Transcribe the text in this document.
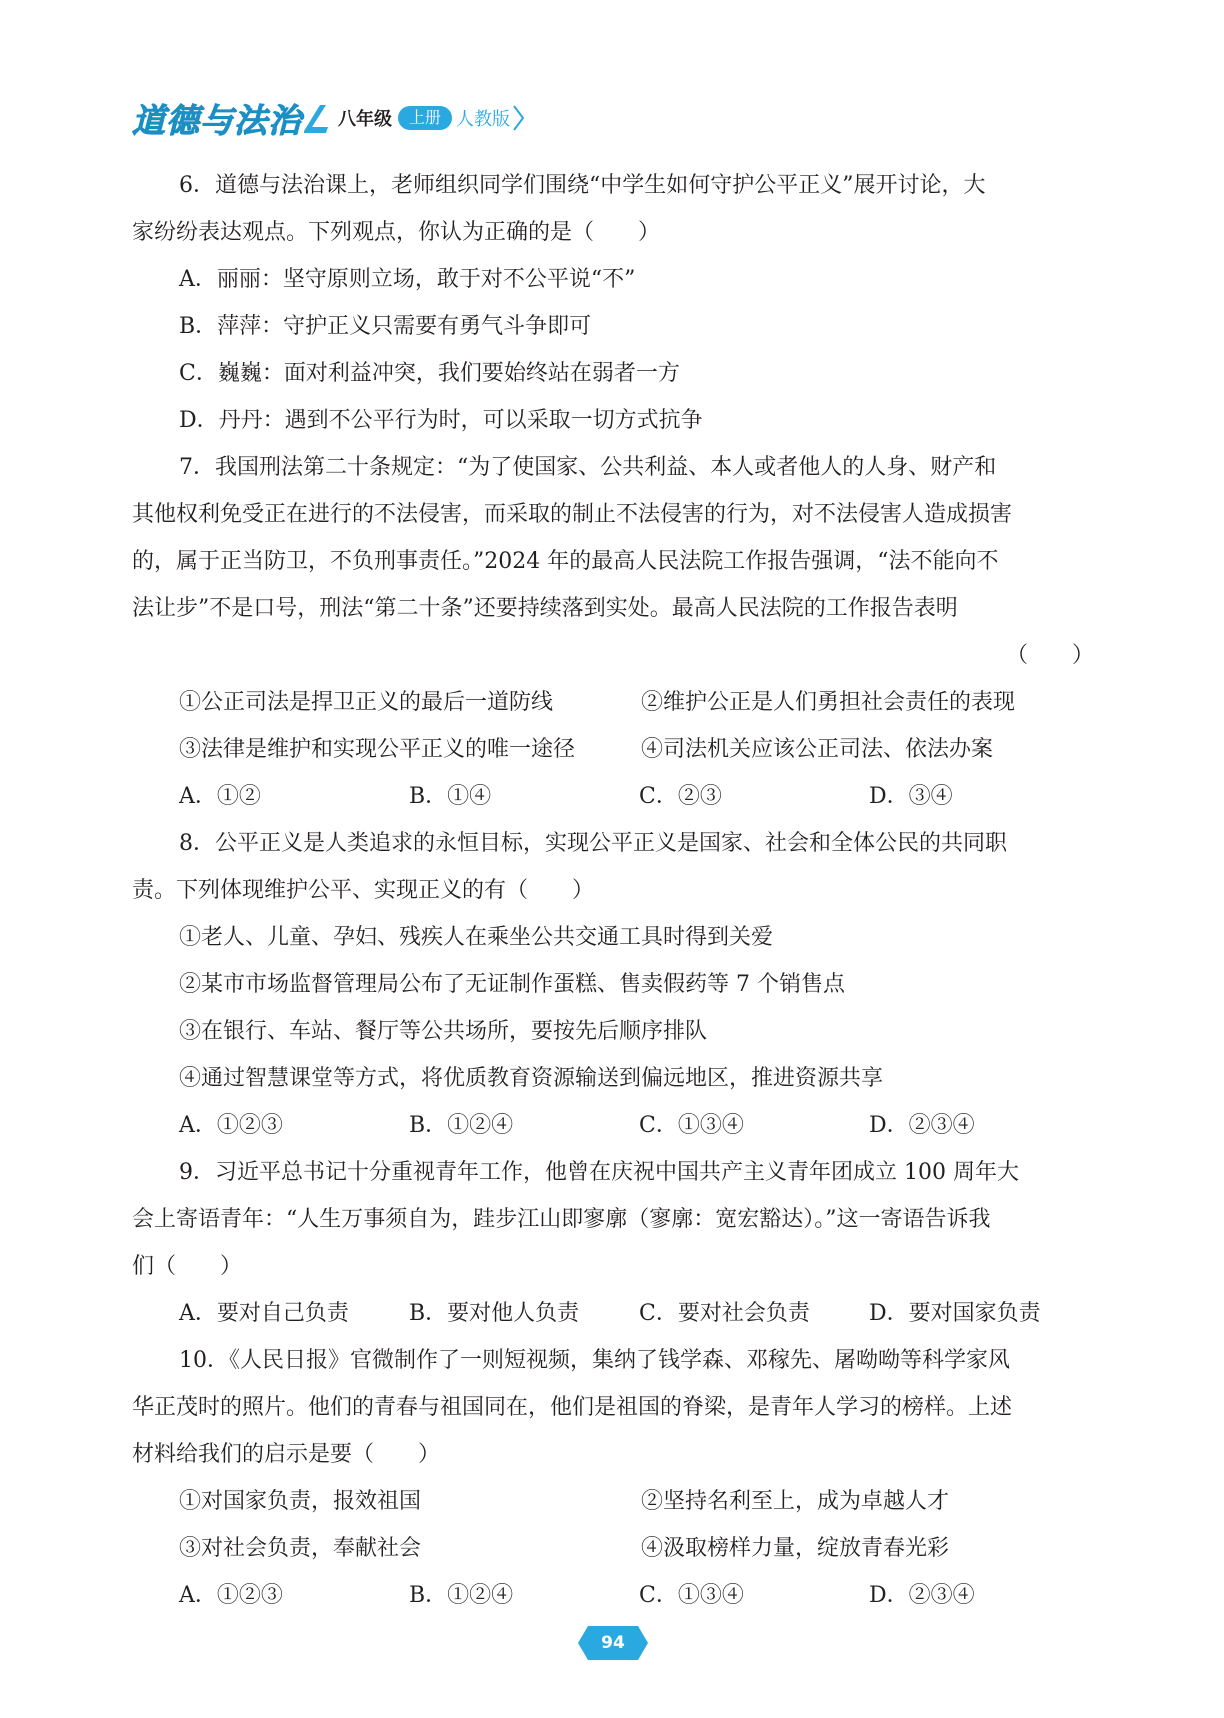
道德与法治 八年级	上册 人教版
6．道德与法治课上，老师组织同学们围绕“中学生如何守护公平正义”展开讨论，大
家纷纷表达观点。下列观点，你认为正确的是（　　）
A．丽丽：坚守原则立场，敢于对不公平说“不”
B．萍萍：守护正义只需要有勇气斗争即可
C．巍巍：面对利益冲突，我们要始终站在弱者一方
D．丹丹：遇到不公平行为时，可以采取一切方式抗争
7．我国刑法第二十条规定：“为了使国家、公共利益、本人或者他人的人身、财产和
其他权利免受正在进行的不法侵害，而采取的制止不法侵害的行为，对不法侵害人造成损害
的，属于正当防卫，不负刑事责任。”2024 年的最高人民法院工作报告强调，“法不能向不
法让步”不是口号，刑法“第二十条”还要持续落到实处。最高人民法院的工作报告表明
（　　）
①公正司法是捍卫正义的最后一道防线	②维护公正是人们勇担社会责任的表现
③法律是维护和实现公平正义的唯一途径	④司法机关应该公正司法、依法办案
A．①②	B．①④	C．②③	D．③④
8．公平正义是人类追求的永恒目标，实现公平正义是国家、社会和全体公民的共同职
责。下列体现维护公平、实现正义的有（　　）
①老人、儿童、孕妇、残疾人在乘坐公共交通工具时得到关爱
②某市市场监督管理局公布了无证制作蛋糕、售卖假药等 7 个销售点
③在银行、车站、餐厅等公共场所，要按先后顺序排队
④通过智慧课堂等方式，将优质教育资源输送到偏远地区，推进资源共享
A．①②③	B．①②④	C．①③④	D．②③④
9．习近平总书记十分重视青年工作，他曾在庆祝中国共产主义青年团成立 100 周年大
会上寄语青年：“人生万事须自为，跬步江山即寥廓（寥廓：宽宏豁达）。”这一寄语告诉我
们（　　）
A．要对自己负责	B．要对他人负责	C．要对社会负责	D．要对国家负责
10．《人民日报》官微制作了一则短视频，集纳了钱学森、邓稼先、屠呦呦等科学家风
华正茂时的照片。他们的青春与祖国同在，他们是祖国的脊梁，是青年人学习的榜样。上述
材料给我们的启示是要（　　）
①对国家负责，报效祖国	②坚持名利至上，成为卓越人才
③对社会负责，奉献社会	④汲取榜样力量，绽放青春光彩
A．①②③	B．①②④	C．①③④	D．②③④
94
